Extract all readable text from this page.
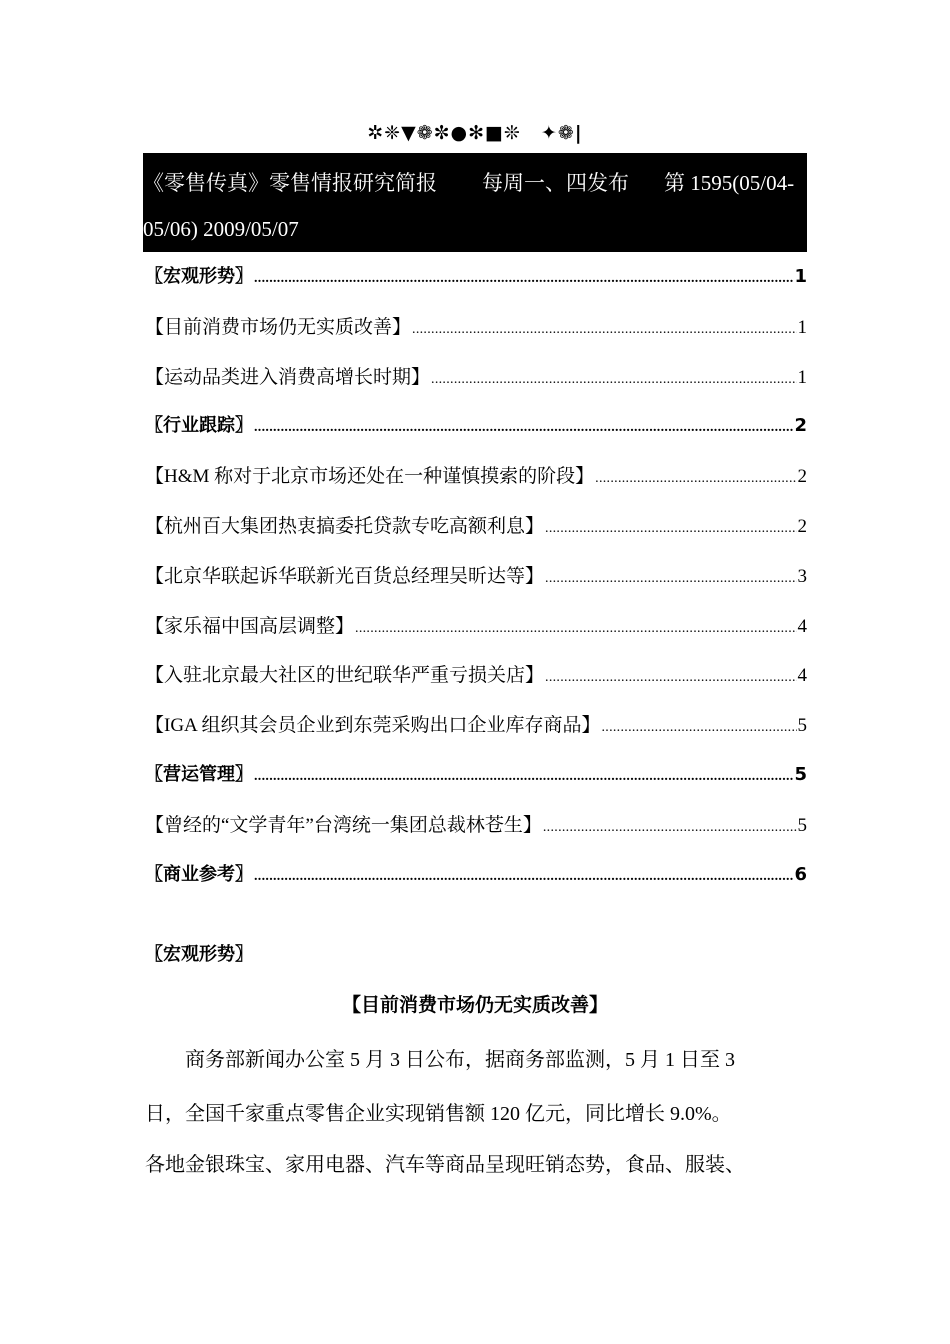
✲❈▼❁✼●✻■❊　✦❁|
《零售传真》零售情报研究简报 每周一、四发布 第 1595(05/04-
05/06) 2009/05/07
〖宏观形势〗 .....	1
【目前消费市场仍无实质改善】 .....	1
【运动品类进入消费高增长时期】 .....	1
〖行业跟踪〗 .....	2
【H&M 称对于北京市场还处在一种谨慎摸索的阶段】 .....	2
【杭州百大集团热衷搞委托贷款专吃高额利息】 .....	2
【北京华联起诉华联新光百货总经理吴昕达等】 .....	3
【家乐福中国高层调整】 .....	4
【入驻北京最大社区的世纪联华严重亏损关店】 .....	4
【IGA 组织其会员企业到东莞采购出口企业库存商品】 .....	5
〖营运管理〗 .....	5
【曾经的“文学青年”台湾统一集团总裁林苍生】 .....	5
〖商业参考〗 .....	6
〖宏观形势〗
【目前消费市场仍无实质改善】
　　商务部新闻办公室 5 月 3 日公布，据商务部监测，5 月 1 日至 3
日，全国千家重点零售企业实现销售额 120 亿元，同比增长 9.0%。
各地金银珠宝、家用电器、汽车等商品呈现旺销态势，食品、服装、
